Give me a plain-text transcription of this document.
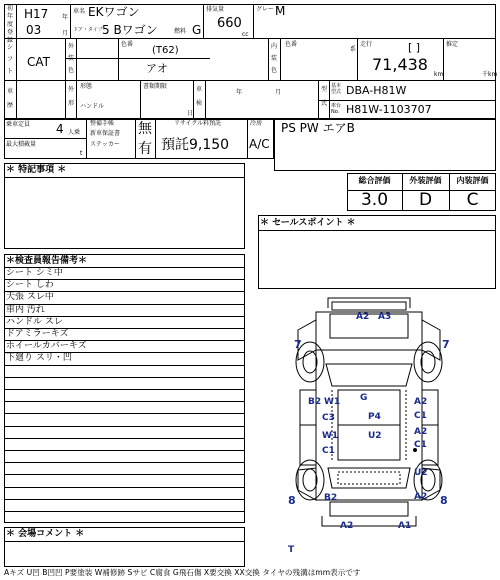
初年度登録
H17 年
03	月
車名 EKワゴン
ドア・タイプ 5 Bワゴン	燃料 G
排気量
660
cc
グレード
M
シフト
CAT
外装色
色番
(T62)
アオ
内装色
色番
系
走行	[ ]
71,438
km
推定
千km
車歴
外形
形態
ハンドル
書類期限
日
車検
年	月	型式
基本型式 DBA-H81W
車台No. H81W-1103707
乗車定員 4 人乗
最大積載量
t
整備手帳
新車保証書
ステッカー
無
有
リサイクル料預託
預託9,150
冷房
A/C
PS PW エアB
＊ 特記事項 ＊
＊検査員報告備考＊
シート シミ中
シート しわ
天張 スレ中
車内 汚れ
ハンドル スレ
ドアミラーキズ
ホイールカバーキズ
下廻り スリ・凹
＊ 会場コメント ＊
総合評価	外装評価	内装評価
3.0	D	C
＊ セールスポイント ＊
A2 A3
7	7
B2 W1
C3
W1
C1
G
P4
U2
A2
C1
A2
C1
U2
A2
8	B2	8
A2	A1
T
Aキズ U凹 B凹凹 P要塗装 W補修跡 Sサビ C腐食 G飛石傷 X要交換 XX交換 タイヤの残溝はmm表示です
